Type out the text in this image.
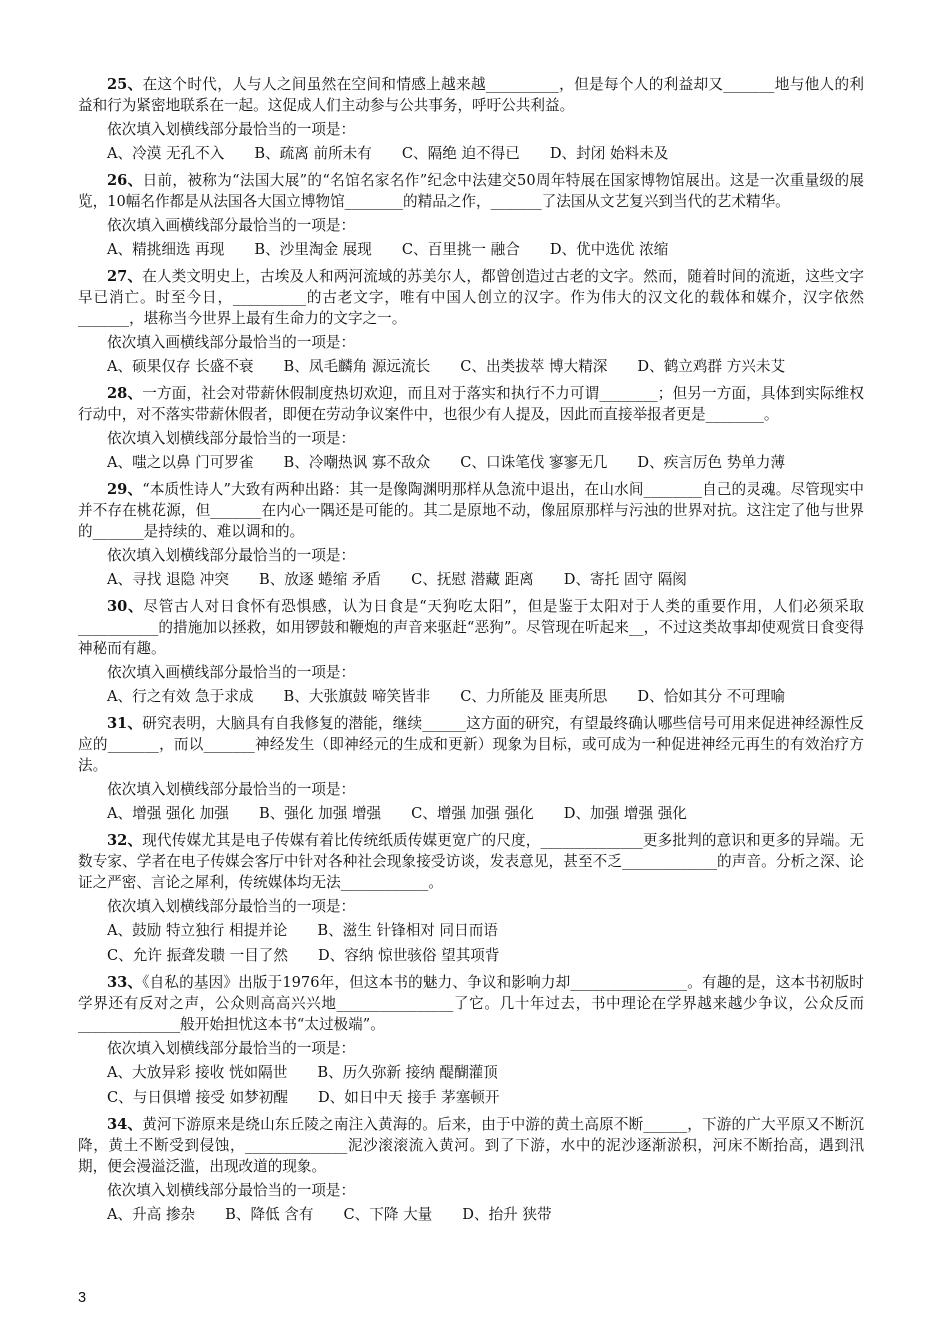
25、在这个时代，人与人之间虽然在空间和情感上越来越__________，但是每个人的利益却又_______地与他人的利益和行为紧密地联系在一起。这促成人们主动参与公共事务，呼吁公共利益。

依次填入划横线部分最恰当的一项是：

A、冷漠 无孔不入 B、疏离 前所未有 C、隔绝 迫不得已 D、封闭 始料未及

26、日前，被称为“法国大展”的“名馆名家名作”纪念中法建交50周年特展在国家博物馆展出。这是一次重量级的展览，10幅名作都是从法国各大国立博物馆________的精品之作，_______了法国从文艺复兴到当代的艺术精华。

依次填入画横线部分最恰当的一项是：

A、精挑细选 再现 B、沙里淘金 展现 C、百里挑一 融合 D、优中选优 浓缩

27、在人类文明史上，古埃及人和两河流域的苏美尔人，都曾创造过古老的文字。然而，随着时间的流逝，这些文字早已消亡。时至今日，__________的古老文字，唯有中国人创立的汉字。作为伟大的汉文化的载体和媒介，汉字依然_______，堪称当今世界上最有生命力的文字之一。

依次填入画横线部分最恰当的一项是：

A、硕果仅存 长盛不衰 B、凤毛麟角 源远流长 C、出类拔萃 博大精深 D、鹤立鸡群 方兴未艾

28、一方面，社会对带薪休假制度热切欢迎，而且对于落实和执行不力可谓________；但另一方面，具体到实际维权行动中，对不落实带薪休假者，即便在劳动争议案件中，也很少有人提及，因此而直接举报者更是________。

依次填入划横线部分最恰当的一项是：

A、嗤之以鼻 门可罗雀 B、冷嘲热讽 寡不敌众 C、口诛笔伐 寥寥无几 D、疾言厉色 势单力薄

29、“本质性诗人”大致有两种出路：其一是像陶渊明那样从急流中退出，在山水间________自己的灵魂。尽管现实中并不存在桃花源，但_______在内心一隅还是可能的。其二是原地不动，像屈原那样与污浊的世界对抗。这注定了他与世界的_______是持续的、难以调和的。

依次填入划横线部分最恰当的一项是：

A、寻找 退隐 冲突 B、放逐 蜷缩 矛盾 C、抚慰 潜藏 距离 D、寄托 固守 隔阂

30、尽管古人对日食怀有恐惧感，认为日食是“天狗吃太阳”，但是鉴于太阳对于人类的重要作用，人们必须采取___________的措施加以拯救，如用锣鼓和鞭炮的声音来驱赶“恶狗”。尽管现在听起来__，不过这类故事却使观赏日食变得神秘而有趣。

依次填入画横线部分最恰当的一项是：

A、行之有效 急于求成 B、大张旗鼓 啼笑皆非 C、力所能及 匪夷所思 D、恰如其分 不可理喻

31、研究表明，大脑具有自我修复的潜能，继续______这方面的研究，有望最终确认哪些信号可用来促进神经源性反应的_______，而以_______神经发生（即神经元的生成和更新）现象为目标，或可成为一种促进神经元再生的有效治疗方法。

依次填入划横线部分最恰当的一项是：

A、增强 强化 加强 B、强化 加强 增强 C、增强 加强 强化 D、加强 增强 强化

32、现代传媒尤其是电子传媒有着比传统纸质传媒更宽广的尺度，______________更多批判的意识和更多的异端。无数专家、学者在电子传媒会客厅中针对各种社会现象接受访谈，发表意见，甚至不乏_____________的声音。分析之深、论证之严密、言论之犀利，传统媒体均无法____________。

依次填入划横线部分最恰当的一项是：

A、鼓励 特立独行 相提并论 B、滋生 针锋相对 同日而语
C、允许 振聋发聩 一目了然 D、容纳 惊世骇俗 望其项背

33、《自私的基因》出版于1976年，但这本书的魅力、争议和影响力却________________。有趣的是，这本书初版时学界还有反对之声，公众则高高兴兴地________________了它。几十年过去，书中理论在学界越来越少争议，公众反而______________般开始担忧这本书“太过极端”。

依次填入划横线部分最恰当的一项是：

A、大放异彩 接收 恍如隔世 B、历久弥新 接纳 醍醐灌顶
C、与日俱增 接受 如梦初醒 D、如日中天 接手 茅塞顿开

34、黄河下游原来是绕山东丘陵之南注入黄海的。后来，由于中游的黄土高原不断______，下游的广大平原又不断沉降，黄土不断受到侵蚀，______________泥沙滚滚流入黄河。到了下游，水中的泥沙逐渐淤积，河床不断抬高，遇到汛期，便会漫溢泛滥，出现改道的现象。

依次填入划横线部分最恰当的一项是：

A、升高 掺杂 B、降低 含有 C、下降 大量 D、抬升 狭带
3
